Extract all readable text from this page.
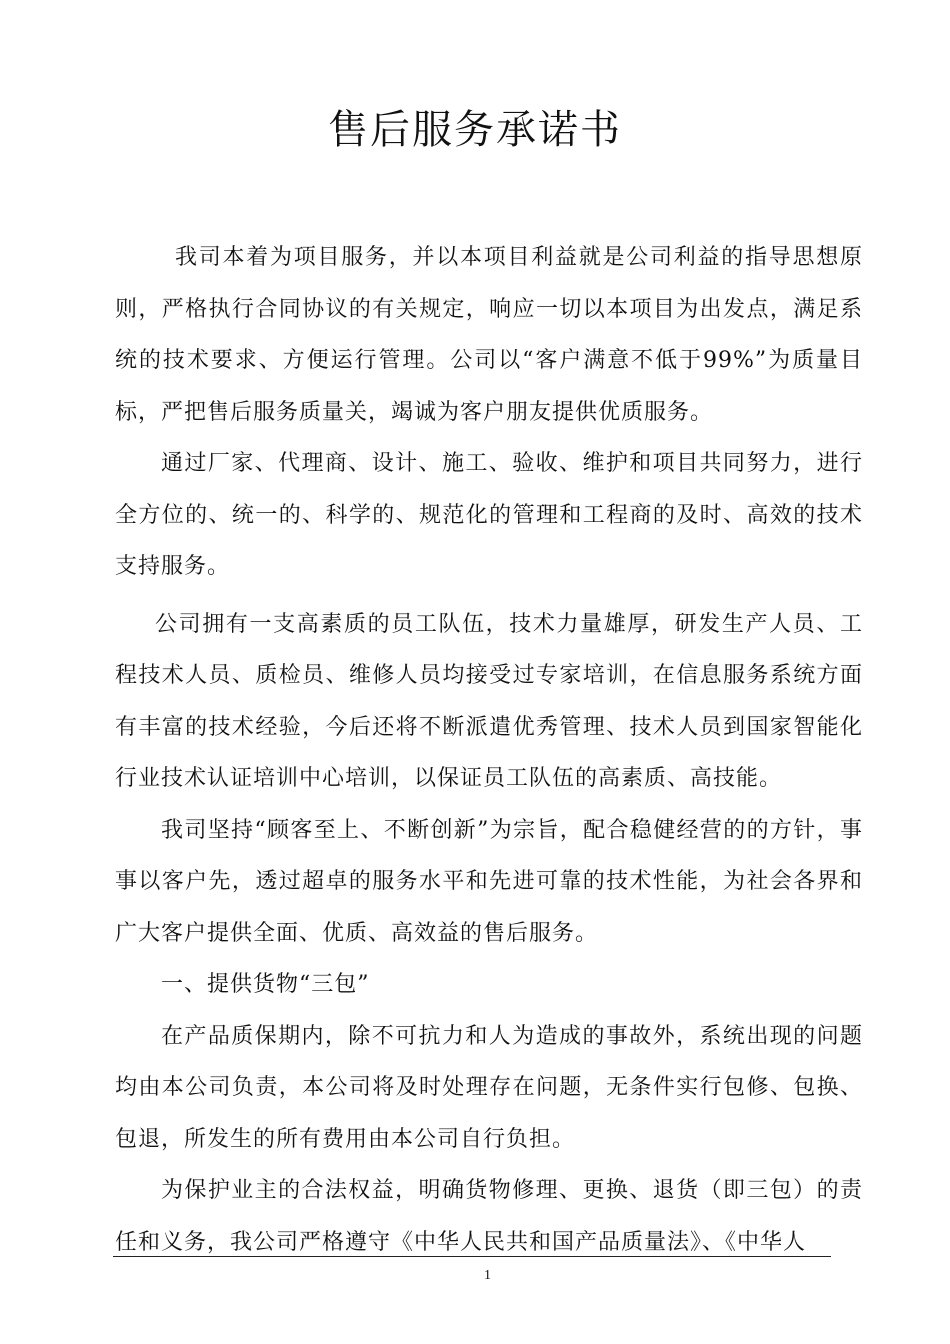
售后服务承诺书

我司本着为项目服务，并以本项目利益就是公司利益的指导思想原则，严格执行合同协议的有关规定，响应一切以本项目为出发点，满足系统的技术要求、方便运行管理。公司以“客户满意不低于99%”为质量目标，严把售后服务质量关，竭诚为客户朋友提供优质服务。

通过厂家、代理商、设计、施工、验收、维护和项目共同努力，进行全方位的、统一的、科学的、规范化的管理和工程商的及时、高效的技术支持服务。

公司拥有一支高素质的员工队伍，技术力量雄厚，研发生产人员、工程技术人员、质检员、维修人员均接受过专家培训，在信息服务系统方面有丰富的技术经验，今后还将不断派遣优秀管理、技术人员到国家智能化行业技术认证培训中心培训，以保证员工队伍的高素质、高技能。

我司坚持“顾客至上、不断创新”为宗旨，配合稳健经营的的方针，事事以客户先，透过超卓的服务水平和先进可靠的技术性能，为社会各界和广大客户提供全面、优质、高效益的售后服务。

一、提供货物“三包”

在产品质保期内，除不可抗力和人为造成的事故外，系统出现的问题均由本公司负责，本公司将及时处理存在问题，无条件实行包修、包换、包退，所发生的所有费用由本公司自行负担。

为保护业主的合法权益，明确货物修理、更换、退货（即三包）的责任和义务，我公司严格遵守《中华人民共和国产品质量法》、《中华人

1
